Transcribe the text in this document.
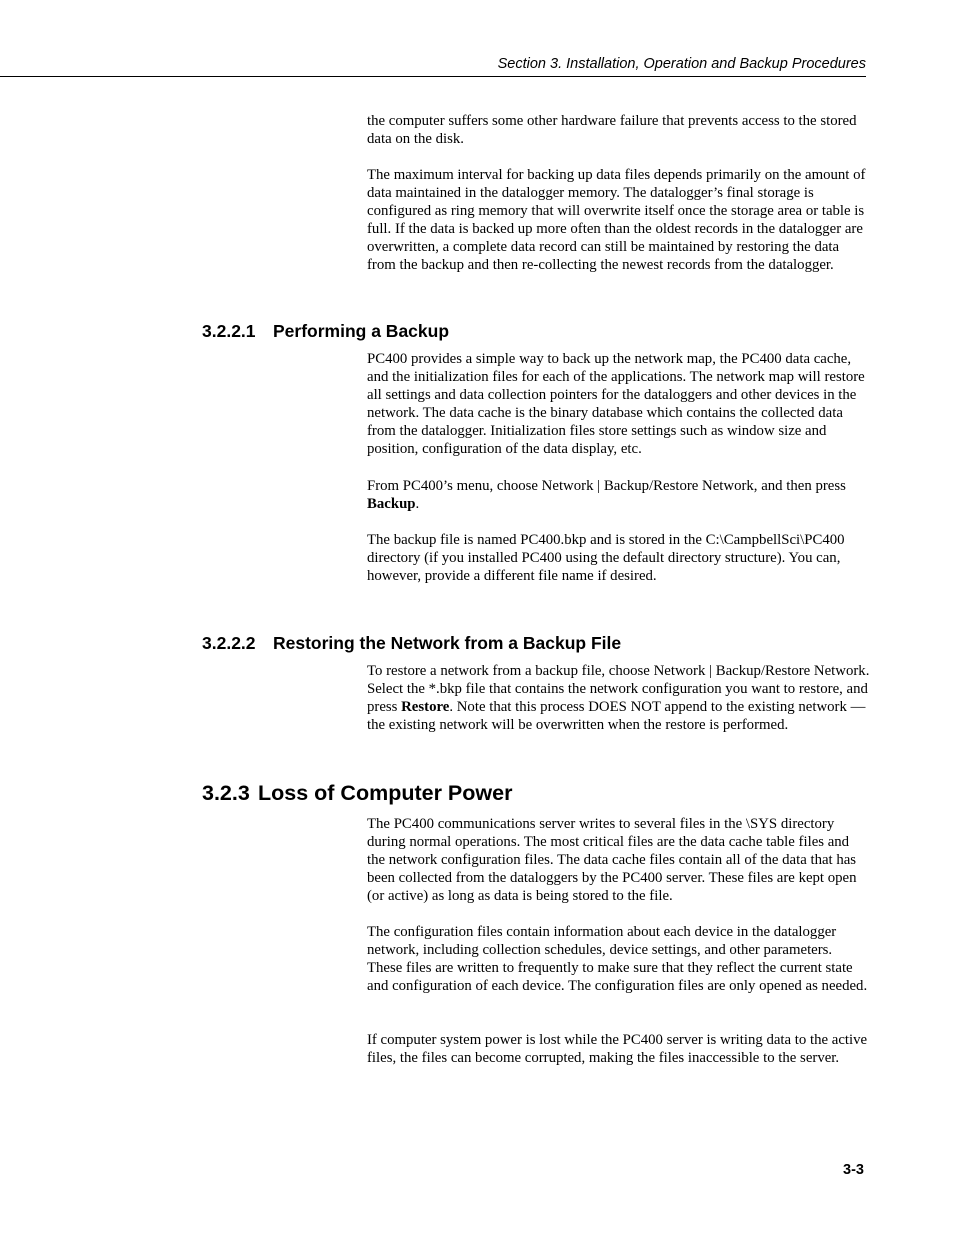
Section 3. Installation, Operation and Backup Procedures
the computer suffers some other hardware failure that prevents access to the stored data on the disk.
The maximum interval for backing up data files depends primarily on the amount of data maintained in the datalogger memory. The datalogger’s final storage is configured as ring memory that will overwrite itself once the storage area or table is full. If the data is backed up more often than the oldest records in the datalogger are overwritten, a complete data record can still be maintained by restoring the data from the backup and then re-collecting the newest records from the datalogger.
3.2.2.1 Performing a Backup
PC400 provides a simple way to back up the network map, the PC400 data cache, and the initialization files for each of the applications. The network map will restore all settings and data collection pointers for the dataloggers and other devices in the network. The data cache is the binary database which contains the collected data from the datalogger. Initialization files store settings such as window size and position, configuration of the data display, etc.
From PC400’s menu, choose Network | Backup/Restore Network, and then press Backup.
The backup file is named PC400.bkp and is stored in the C:\CampbellSci\PC400 directory (if you installed PC400 using the default directory structure). You can, however, provide a different file name if desired.
3.2.2.2 Restoring the Network from a Backup File
To restore a network from a backup file, choose Network | Backup/Restore Network. Select the *.bkp file that contains the network configuration you want to restore, and press Restore. Note that this process DOES NOT append to the existing network — the existing network will be overwritten when the restore is performed.
3.2.3 Loss of Computer Power
The PC400 communications server writes to several files in the \SYS directory during normal operations. The most critical files are the data cache table files and the network configuration files. The data cache files contain all of the data that has been collected from the dataloggers by the PC400 server. These files are kept open (or active) as long as data is being stored to the file.
The configuration files contain information about each device in the datalogger network, including collection schedules, device settings, and other parameters. These files are written to frequently to make sure that they reflect the current state and configuration of each device. The configuration files are only opened as needed.
If computer system power is lost while the PC400 server is writing data to the active files, the files can become corrupted, making the files inaccessible to the server.
3-3
